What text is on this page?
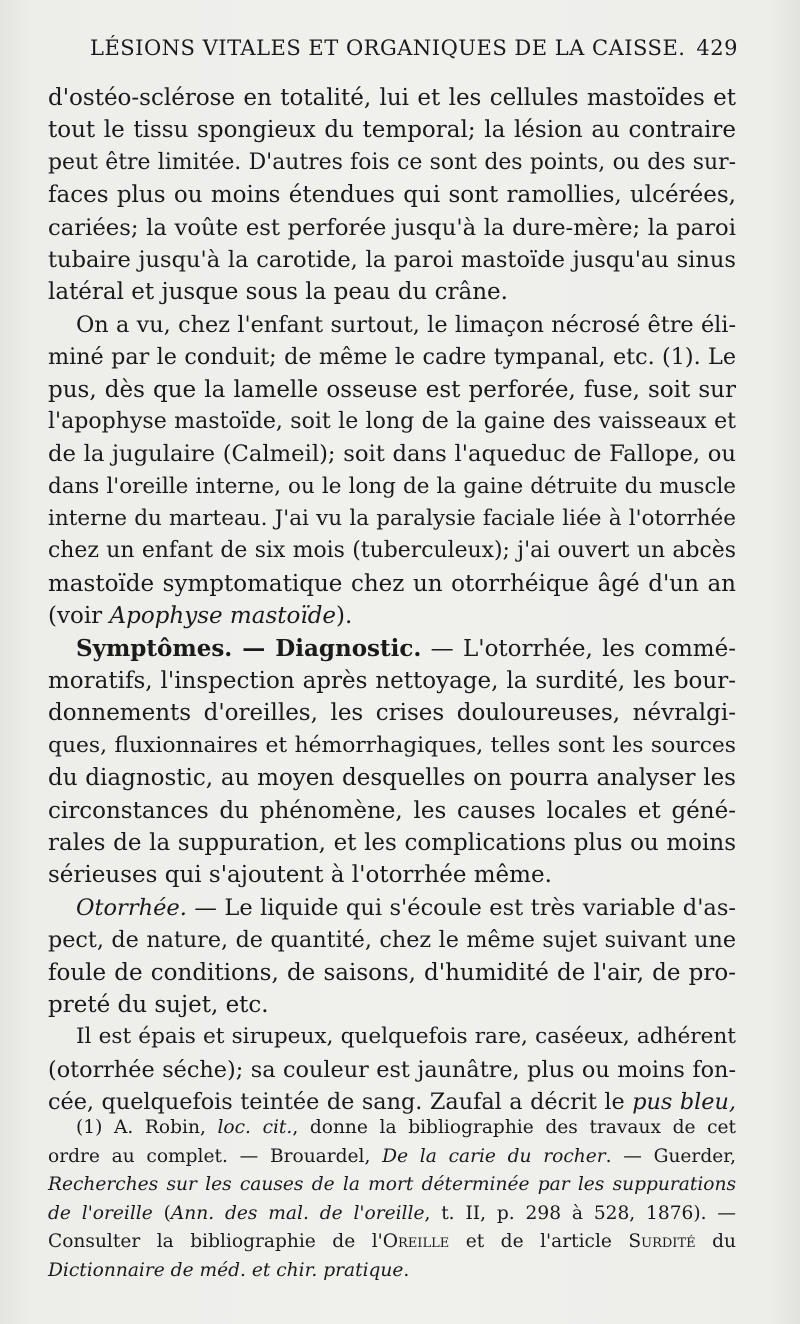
LÉSIONS VITALES ET ORGANIQUES DE LA CAISSE. 429
d'ostéo-sclérose en totalité, lui et les cellules mastoïdes et
tout le tissu spongieux du temporal; la lésion au contraire
peut être limitée. D'autres fois ce sont des points, ou des sur-
faces plus ou moins étendues qui sont ramollies, ulcérées,
cariées; la voûte est perforée jusqu'à la dure-mère; la paroi
tubaire jusqu'à la carotide, la paroi mastoïde jusqu'au sinus
latéral et jusque sous la peau du crâne.
On a vu, chez l'enfant surtout, le limaçon nécrosé être éli-
miné par le conduit; de même le cadre tympanal, etc. (1). Le
pus, dès que la lamelle osseuse est perforée, fuse, soit sur
l'apophyse mastoïde, soit le long de la gaine des vaisseaux et
de la jugulaire (Calmeil); soit dans l'aqueduc de Fallope, ou
dans l'oreille interne, ou le long de la gaine détruite du muscle
interne du marteau. J'ai vu la paralysie faciale liée à l'otorrhée
chez un enfant de six mois (tuberculeux); j'ai ouvert un abcès
mastoïde symptomatique chez un otorrhéique âgé d'un an
(voir Apophyse mastoïde).
Symptômes. — Diagnostic. — L'otorrhée, les commé-
moratifs, l'inspection après nettoyage, la surdité, les bour-
donnements d'oreilles, les crises douloureuses, névralgi-
ques, fluxionnaires et hémorrhagiques, telles sont les sources
du diagnostic, au moyen desquelles on pourra analyser les
circonstances du phénomène, les causes locales et géné-
rales de la suppuration, et les complications plus ou moins
sérieuses qui s'ajoutent à l'otorrhée même.
Otorrhée. — Le liquide qui s'écoule est très variable d'as-
pect, de nature, de quantité, chez le même sujet suivant une
foule de conditions, de saisons, d'humidité de l'air, de pro-
preté du sujet, etc.
Il est épais et sirupeux, quelquefois rare, caséeux, adhérent
(otorrhée séche); sa couleur est jaunâtre, plus ou moins fon-
cée, quelquefois teintée de sang. Zaufal a décrit le pus bleu,
(1) A. Robin, loc. cit., donne la bibliographie des travaux de cet
ordre au complet. — Brouardel, De la carie du rocher. — Guerder,
Recherches sur les causes de la mort déterminée par les suppurations
de l'oreille (Ann. des mal. de l'oreille, t. II, p. 298 à 528, 1876). —
Consulter la bibliographie de l'Oreille et de l'article Surdité du
Dictionnaire de méd. et chir. pratique.
